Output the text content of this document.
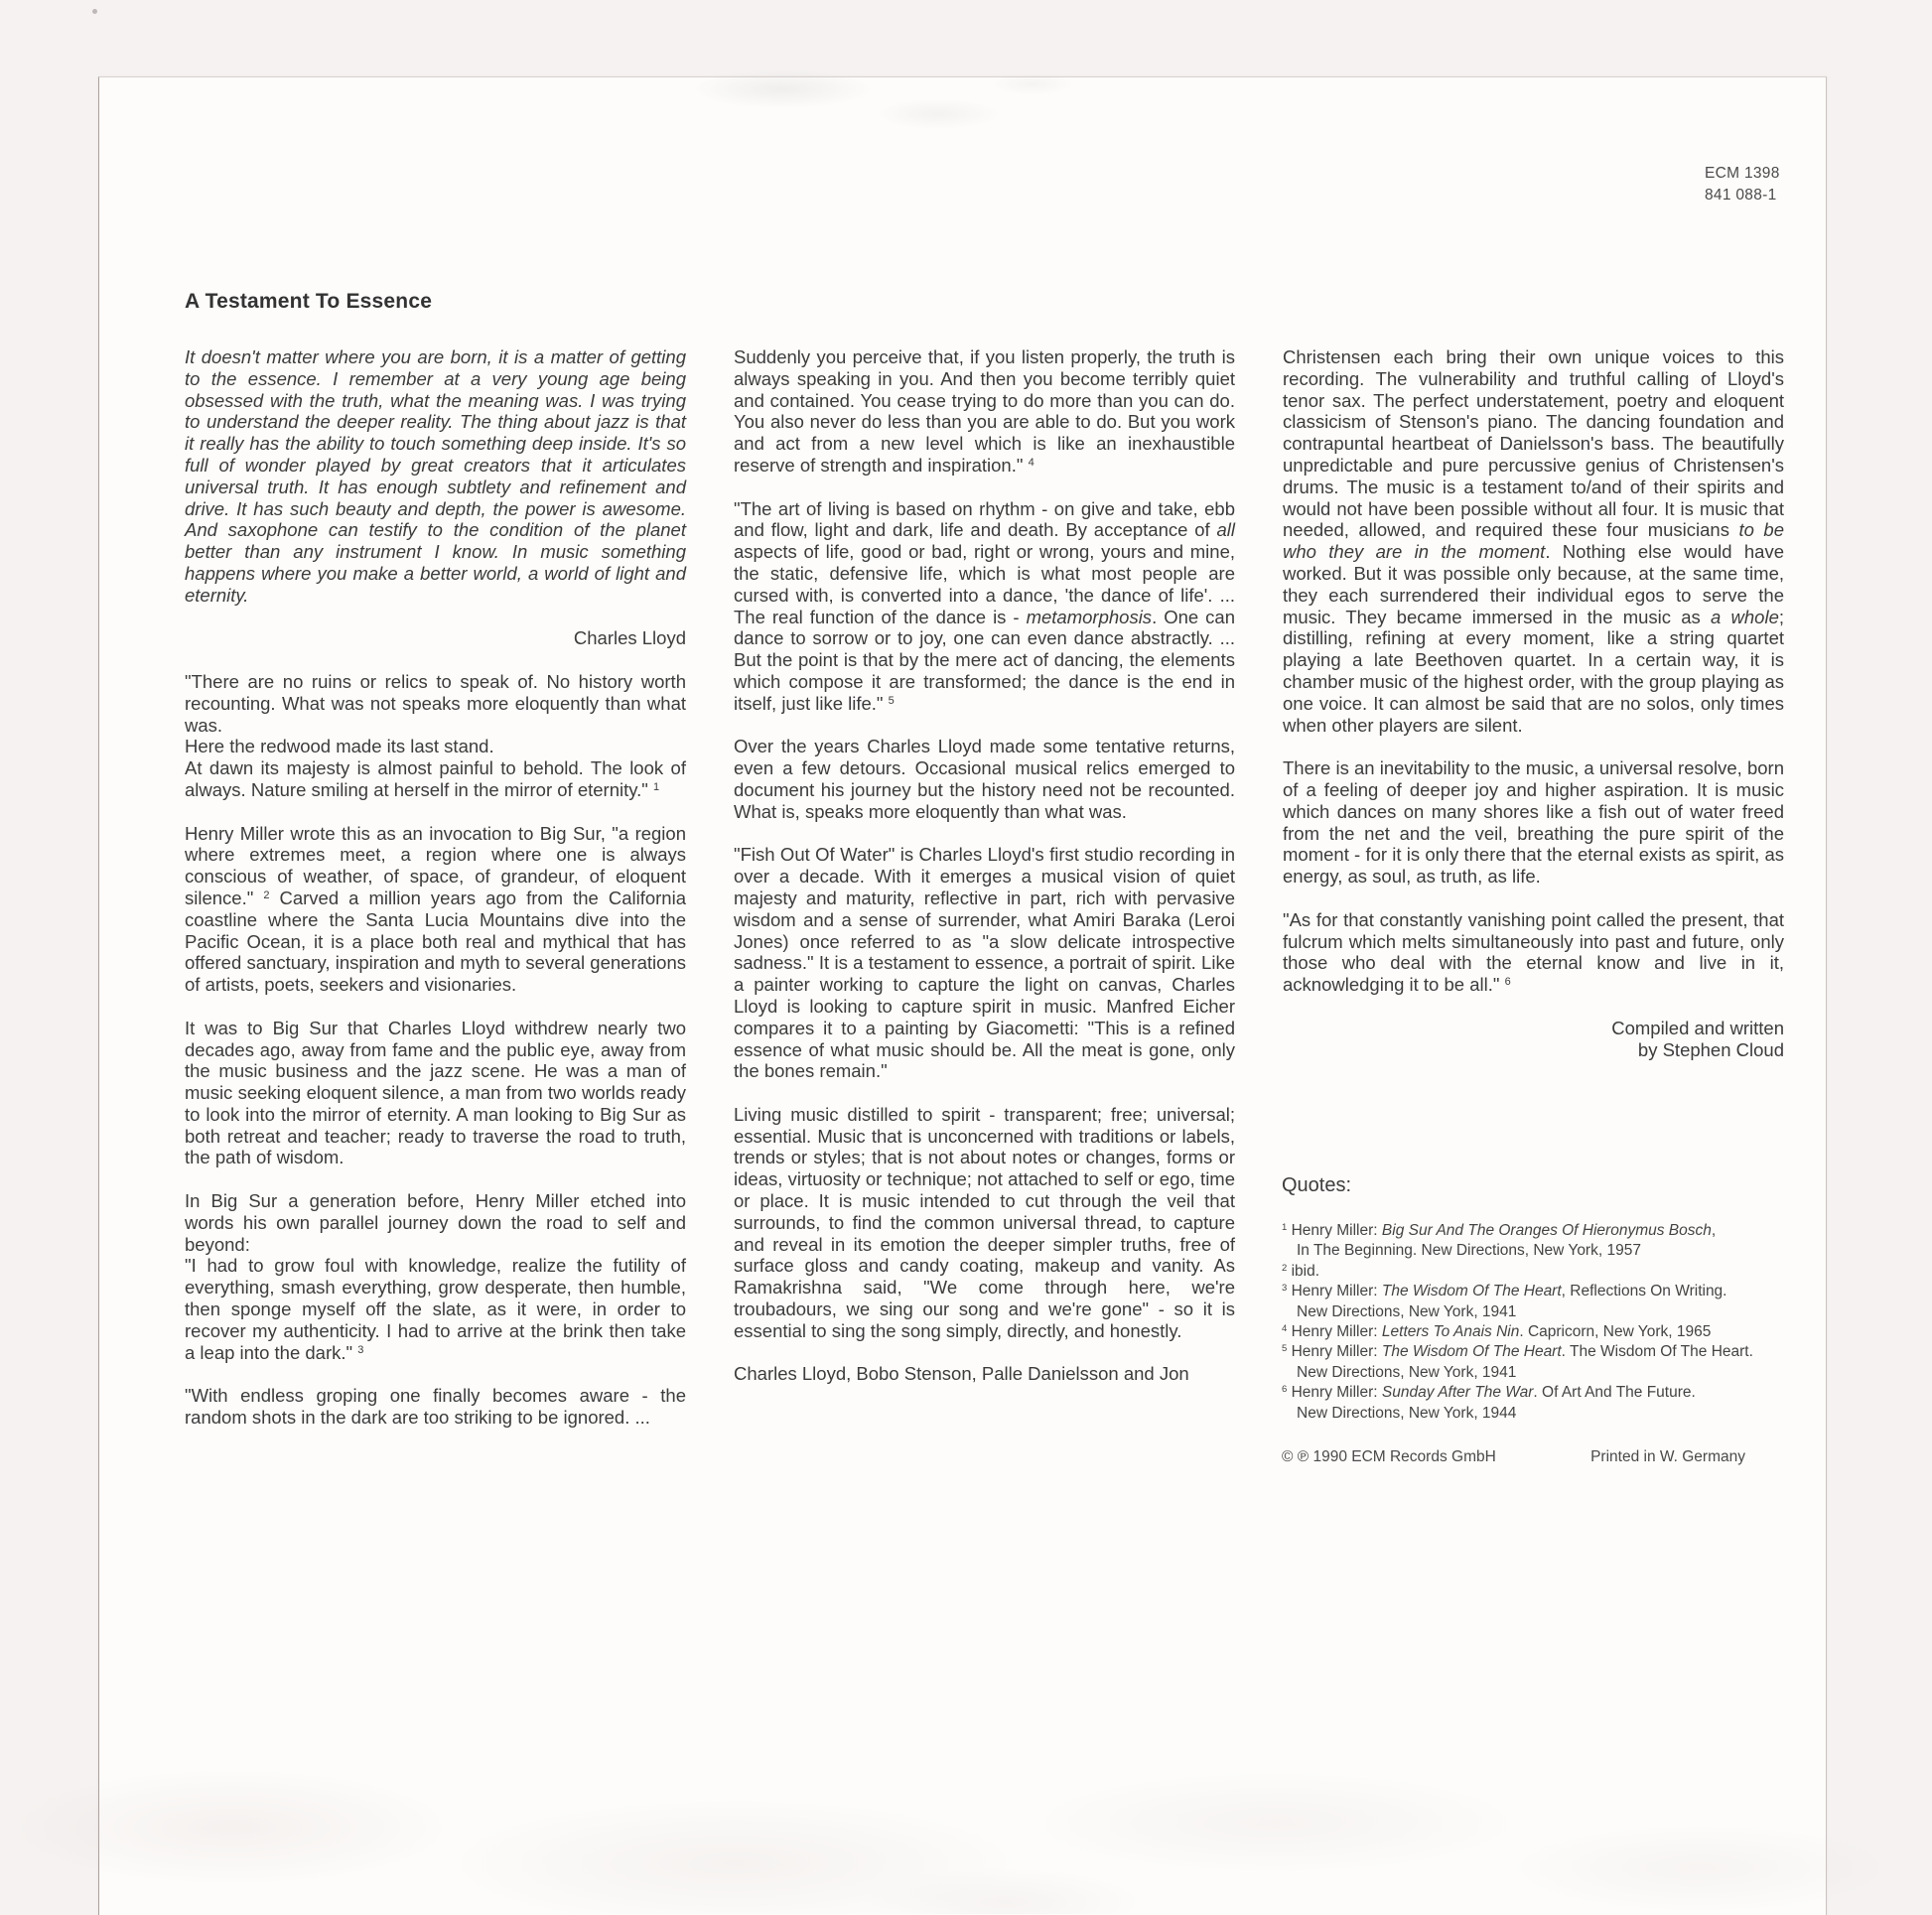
ECM 1398
841 088-1
A Testament To Essence

It doesn't matter where you are born, it is a matter of getting to the essence. I remember at a very young age being obsessed with the truth, what the meaning was. I was trying to understand the deeper reality. The thing about jazz is that it really has the ability to touch something deep inside. It's so full of wonder played by great creators that it articulates universal truth. It has enough subtlety and refinement and drive. It has such beauty and depth, the power is awesome. And saxophone can testify to the condition of the planet better than any instrument I know. In music something happens where you make a better world, a world of light and eternity.

Charles Lloyd

"There are no ruins or relics to speak of. No history worth recounting. What was not speaks more eloquently than what was.
Here the redwood made its last stand.
At dawn its majesty is almost painful to behold. The look of always. Nature smiling at herself in the mirror of eternity." $^1$

Henry Miller wrote this as an invocation to Big Sur, "a region where extremes meet, a region where one is always conscious of weather, of space, of grandeur, of eloquent silence." $^2$ Carved a million years ago from the California coastline where the Santa Lucia Mountains dive into the Pacific Ocean, it is a place both real and mythical that has offered sanctuary, inspiration and myth to several generations of artists, poets, seekers and visionaries.

It was to Big Sur that Charles Lloyd withdrew nearly two decades ago, away from fame and the public eye, away from the music business and the jazz scene. He was a man of music seeking eloquent silence, a man from two worlds ready to look into the mirror of eternity. A man looking to Big Sur as both retreat and teacher; ready to traverse the road to truth, the path of wisdom.

In Big Sur a generation before, Henry Miller etched into words his own parallel journey down the road to self and beyond:
"I had to grow foul with knowledge, realize the futility of everything, smash everything, grow desperate, then humble, then sponge myself off the slate, as it were, in order to recover my authenticity. I had to arrive at the brink then take a leap into the dark." $^3$

"With endless groping one finally becomes aware - the random shots in the dark are too striking to be ignored. ...

Suddenly you perceive that, if you listen properly, the truth is always speaking in you. And then you become terribly quiet and contained. You cease trying to do more than you can do. You also never do less than you are able to do. But you work and act from a new level which is like an inexhaustible reserve of strength and inspiration." $^4$

"The art of living is based on rhythm - on give and take, ebb and flow, light and dark, life and death. By acceptance of all aspects of life, good or bad, right or wrong, yours and mine, the static, defensive life, which is what most people are cursed with, is converted into a dance, 'the dance of life'. ... The real function of the dance is - metamorphosis. One can dance to sorrow or to joy, one can even dance abstractly. ... But the point is that by the mere act of dancing, the elements which compose it are transformed; the dance is the end in itself, just like life." $^5$

Over the years Charles Lloyd made some tentative returns, even a few detours. Occasional musical relics emerged to document his journey but the history need not be recounted. What is, speaks more eloquently than what was.

"Fish Out Of Water" is Charles Lloyd's first studio recording in over a decade. With it emerges a musical vision of quiet majesty and maturity, reflective in part, rich with pervasive wisdom and a sense of surrender, what Amiri Baraka (Leroi Jones) once referred to as "a slow delicate introspective sadness." It is a testament to essence, a portrait of spirit. Like a painter working to capture the light on canvas, Charles Lloyd is looking to capture spirit in music. Manfred Eicher compares it to a painting by Giacometti: "This is a refined essence of what music should be. All the meat is gone, only the bones remain."

Living music distilled to spirit - transparent; free; universal; essential. Music that is unconcerned with traditions or labels, trends or styles; that is not about notes or changes, forms or ideas, virtuosity or technique; not attached to self or ego, time or place. It is music intended to cut through the veil that surrounds, to find the common universal thread, to capture and reveal in its emotion the deeper simpler truths, free of surface gloss and candy coating, makeup and vanity. As Ramakrishna said, "We come through here, we're troubadours, we sing our song and we're gone" - so it is essential to sing the song simply, directly, and honestly.

Charles Lloyd, Bobo Stenson, Palle Danielsson and Jon

Christensen each bring their own unique voices to this recording. The vulnerability and truthful calling of Lloyd's tenor sax. The perfect understatement, poetry and eloquent classicism of Stenson's piano. The dancing foundation and contrapuntal heartbeat of Danielsson's bass. The beautifully unpredictable and pure percussive genius of Christensen's drums. The music is a testament to/and of their spirits and would not have been possible without all four. It is music that needed, allowed, and required these four musicians to be who they are in the moment. Nothing else would have worked. But it was possible only because, at the same time, they each surrendered their individual egos to serve the music. They became immersed in the music as a whole; distilling, refining at every moment, like a string quartet playing a late Beethoven quartet. In a certain way, it is chamber music of the highest order, with the group playing as one voice. It can almost be said that are no solos, only times when other players are silent.

There is an inevitability to the music, a universal resolve, born of a feeling of deeper joy and higher aspiration. It is music which dances on many shores like a fish out of water freed from the net and the veil, breathing the pure spirit of the moment - for it is only there that the eternal exists as spirit, as energy, as soul, as truth, as life.

"As for that constantly vanishing point called the present, that fulcrum which melts simultaneously into past and future, only those who deal with the eternal know and live in it, acknowledging it to be all." $^6$

Compiled and written
by Stephen Cloud

Quotes:

$^1$ Henry Miller: Big Sur And The Oranges Of Hieronymus Bosch,
In The Beginning. New Directions, New York, 1957

$^2$ ibid.

$^3$ Henry Miller: The Wisdom Of The Heart, Reflections On Writing.
New Directions, New York, 1941

$^4$ Henry Miller: Letters To Anais Nin. Capricorn, New York, 1965

$^5$ Henry Miller: The Wisdom Of The Heart. The Wisdom Of The Heart.
New Directions, New York, 1941

$^6$ Henry Miller: Sunday After The War. Of Art And The Future.
New Directions, New York, 1944

© ℗ 1990 ECM Records GmbH	Printed in W. Germany
